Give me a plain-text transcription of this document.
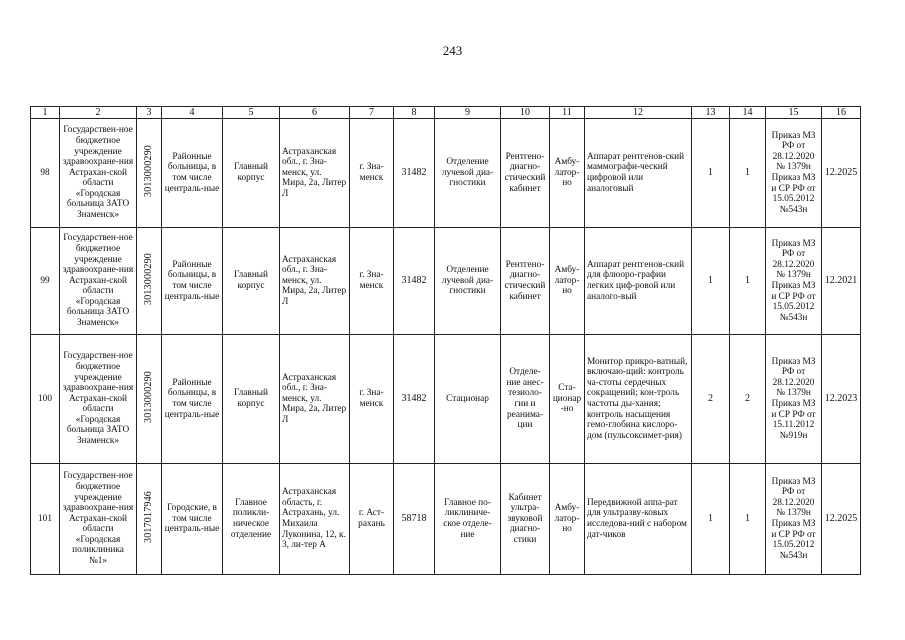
243
1	2	3	4	5	6	7	8	9	10	11	12	13	14	15	16
98	Государствен-ное бюджетное учреждение здравоохране-ния Астрахан-ской области «Городская больница ЗАТО Знаменск»	3013000290	Районные больницы, в том числе централь-ные	Главный корпус	Астраханская обл., г. Зна-менск, ул. Мира, 2а, Литер Л	г. Зна-менск	31482	Отделение лучевой диа-гностики	Рентгено-диагно-стический кабинет	Амбу-латор-но	Аппарат рентгенов-ский маммографи-ческий цифровой или аналоговый	1	1	Приказ МЗ РФ от 28.12.2020 № 1379н Приказ МЗ и СР РФ от 15.05.2012 №543н	12.2025
99	Государствен-ное бюджетное учреждение здравоохране-ния Астрахан-ской области «Городская больница ЗАТО Знаменск»	3013000290	Районные больницы, в том числе централь-ные	Главный корпус	Астраханская обл., г. Зна-менск, ул. Мира, 2а, Литер Л	г. Зна-менск	31482	Отделение лучевой диа-гностики	Рентгено-диагно-стический кабинет	Амбу-латор-но	Аппарат рентгенов-ский для флюоро-графии легких циф-ровой или аналого-вый	1	1	Приказ МЗ РФ от 28.12.2020 № 1379н Приказ МЗ и СР РФ от 15.05.2012 №543н	12.2021
100	Государствен-ное бюджетное учреждение здравоохране-ния Астрахан-ской области «Городская больница ЗАТО Знаменск»	3013000290	Районные больницы, в том числе централь-ные	Главный корпус	Астраханская обл., г. Зна-менск, ул. Мира, 2а, Литер Л	г. Зна-менск	31482	Стационар	Отделе-ние анес-тезиоло-гии и реанима-ции	Ста-ционар-но	Монитор прикро-ватный, включаю-щий: контроль ча-стоты сердечных сокращений; кон-троль частоты ды-хания; контроль насыщения гемо-глобина кислоро-дом (пульсоксимет-рия)	2	2	Приказ МЗ РФ от 28.12.2020 № 1379н Приказ МЗ и СР РФ от 15.11.2012 №919н	12.2023
101	Государствен-ное бюджетное учреждение здравоохране-ния Астрахан-ской области «Городская поликлиника №1»	3017017946	Городские, в том числе централь-ные	Главное поликли-ническое отделение	Астраханская область, г. Астрахань, ул. Михаила Луконина, 12, к. 3, ли-тер А	г. Аст-рахань	58718	Главное по-ликлиниче-ское отделе-ние	Кабинет ультра-звуковой диагно-стики	Амбу-латор-но	Передвижной аппа-рат для ультразву-ковых исследова-ний с набором дат-чиков	1	1	Приказ МЗ РФ от 28.12.2020 № 1379н Приказ МЗ и СР РФ от 15.05.2012 №543н	12.2025
